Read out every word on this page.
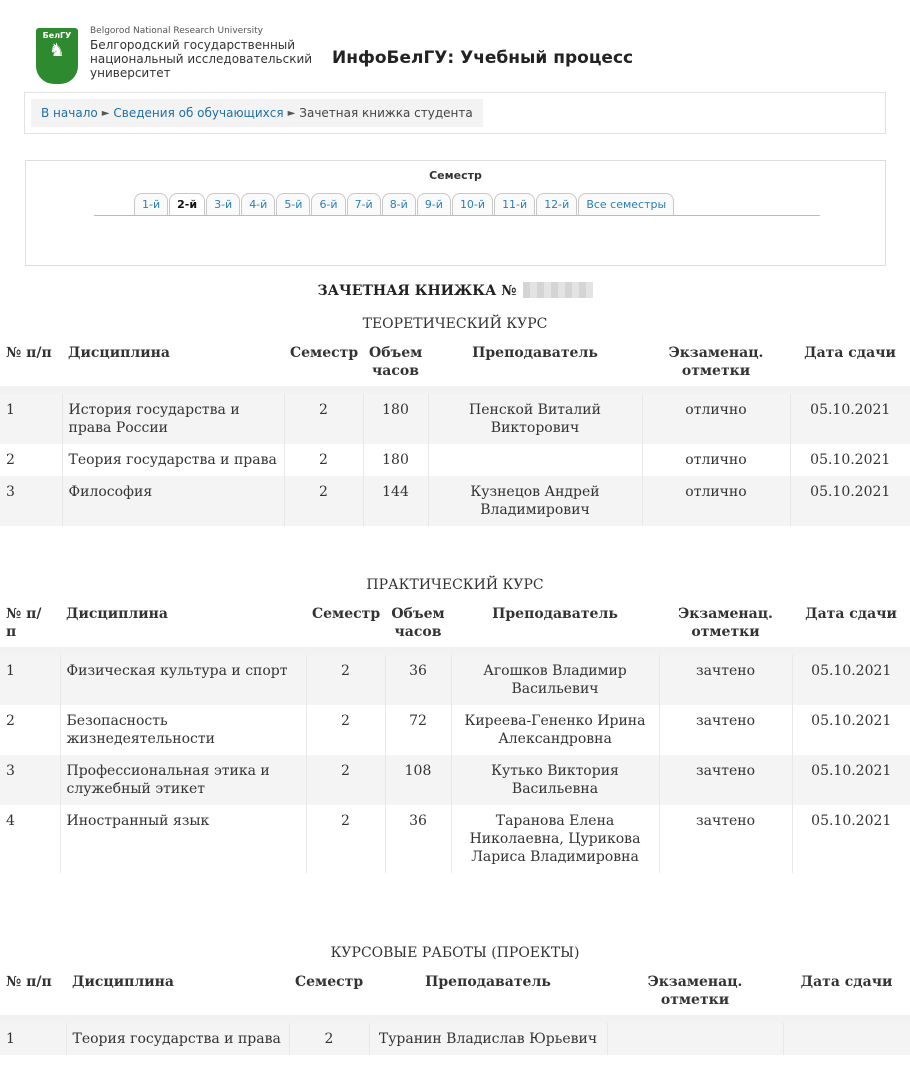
БелГУ
♞
Belgorod National Research University
Белгородский государственный национальный исследовательский университет
ИнфоБелГУ: Учебный процесс
В начало ► Сведения об обучающихся ► Зачетная книжка студента
Семестр
1-й	2-й	3-й	4-й	5-й	6-й	7-й	8-й	9-й	10-й	11-й	12-й	Все семестры
ЗАЧЕТНАЯ КНИЖКА №
ТЕОРЕТИЧЕСКИЙ КУРС
№ п/п	Дисциплина	Семестр	Объем часов	Преподаватель	Экзаменац. отметки	Дата сдачи
1	История государства и права России	2	180	Пенской Виталий Викторович	отлично	05.10.2021
2	Теория государства и права	2	180		отлично	05.10.2021
3	Философия	2	144	Кузнецов Андрей Владимирович	отлично	05.10.2021
ПРАКТИЧЕСКИЙ КУРС
№ п/ п	Дисциплина	Семестр	Объем часов	Преподаватель	Экзаменац. отметки	Дата сдачи
1	Физическая культура и спорт	2	36	Агошков Владимир Васильевич	зачтено	05.10.2021
2	Безопасность жизнедеятельности	2	72	Киреева-Гененко Ирина Александровна	зачтено	05.10.2021
3	Профессиональная этика и служебный этикет	2	108	Кутько Виктория Васильевна	зачтено	05.10.2021
4	Иностранный язык	2	36	Таранова Елена Николаевна, Цурикова Лариса Владимировна	зачтено	05.10.2021
КУРСОВЫЕ РАБОТЫ (ПРОЕКТЫ)
№ п/п	Дисциплина	Семестр	Преподаватель	Экзаменац. отметки	Дата сдачи
1	Теория государства и права	2	Туранин Владислав Юрьевич		
